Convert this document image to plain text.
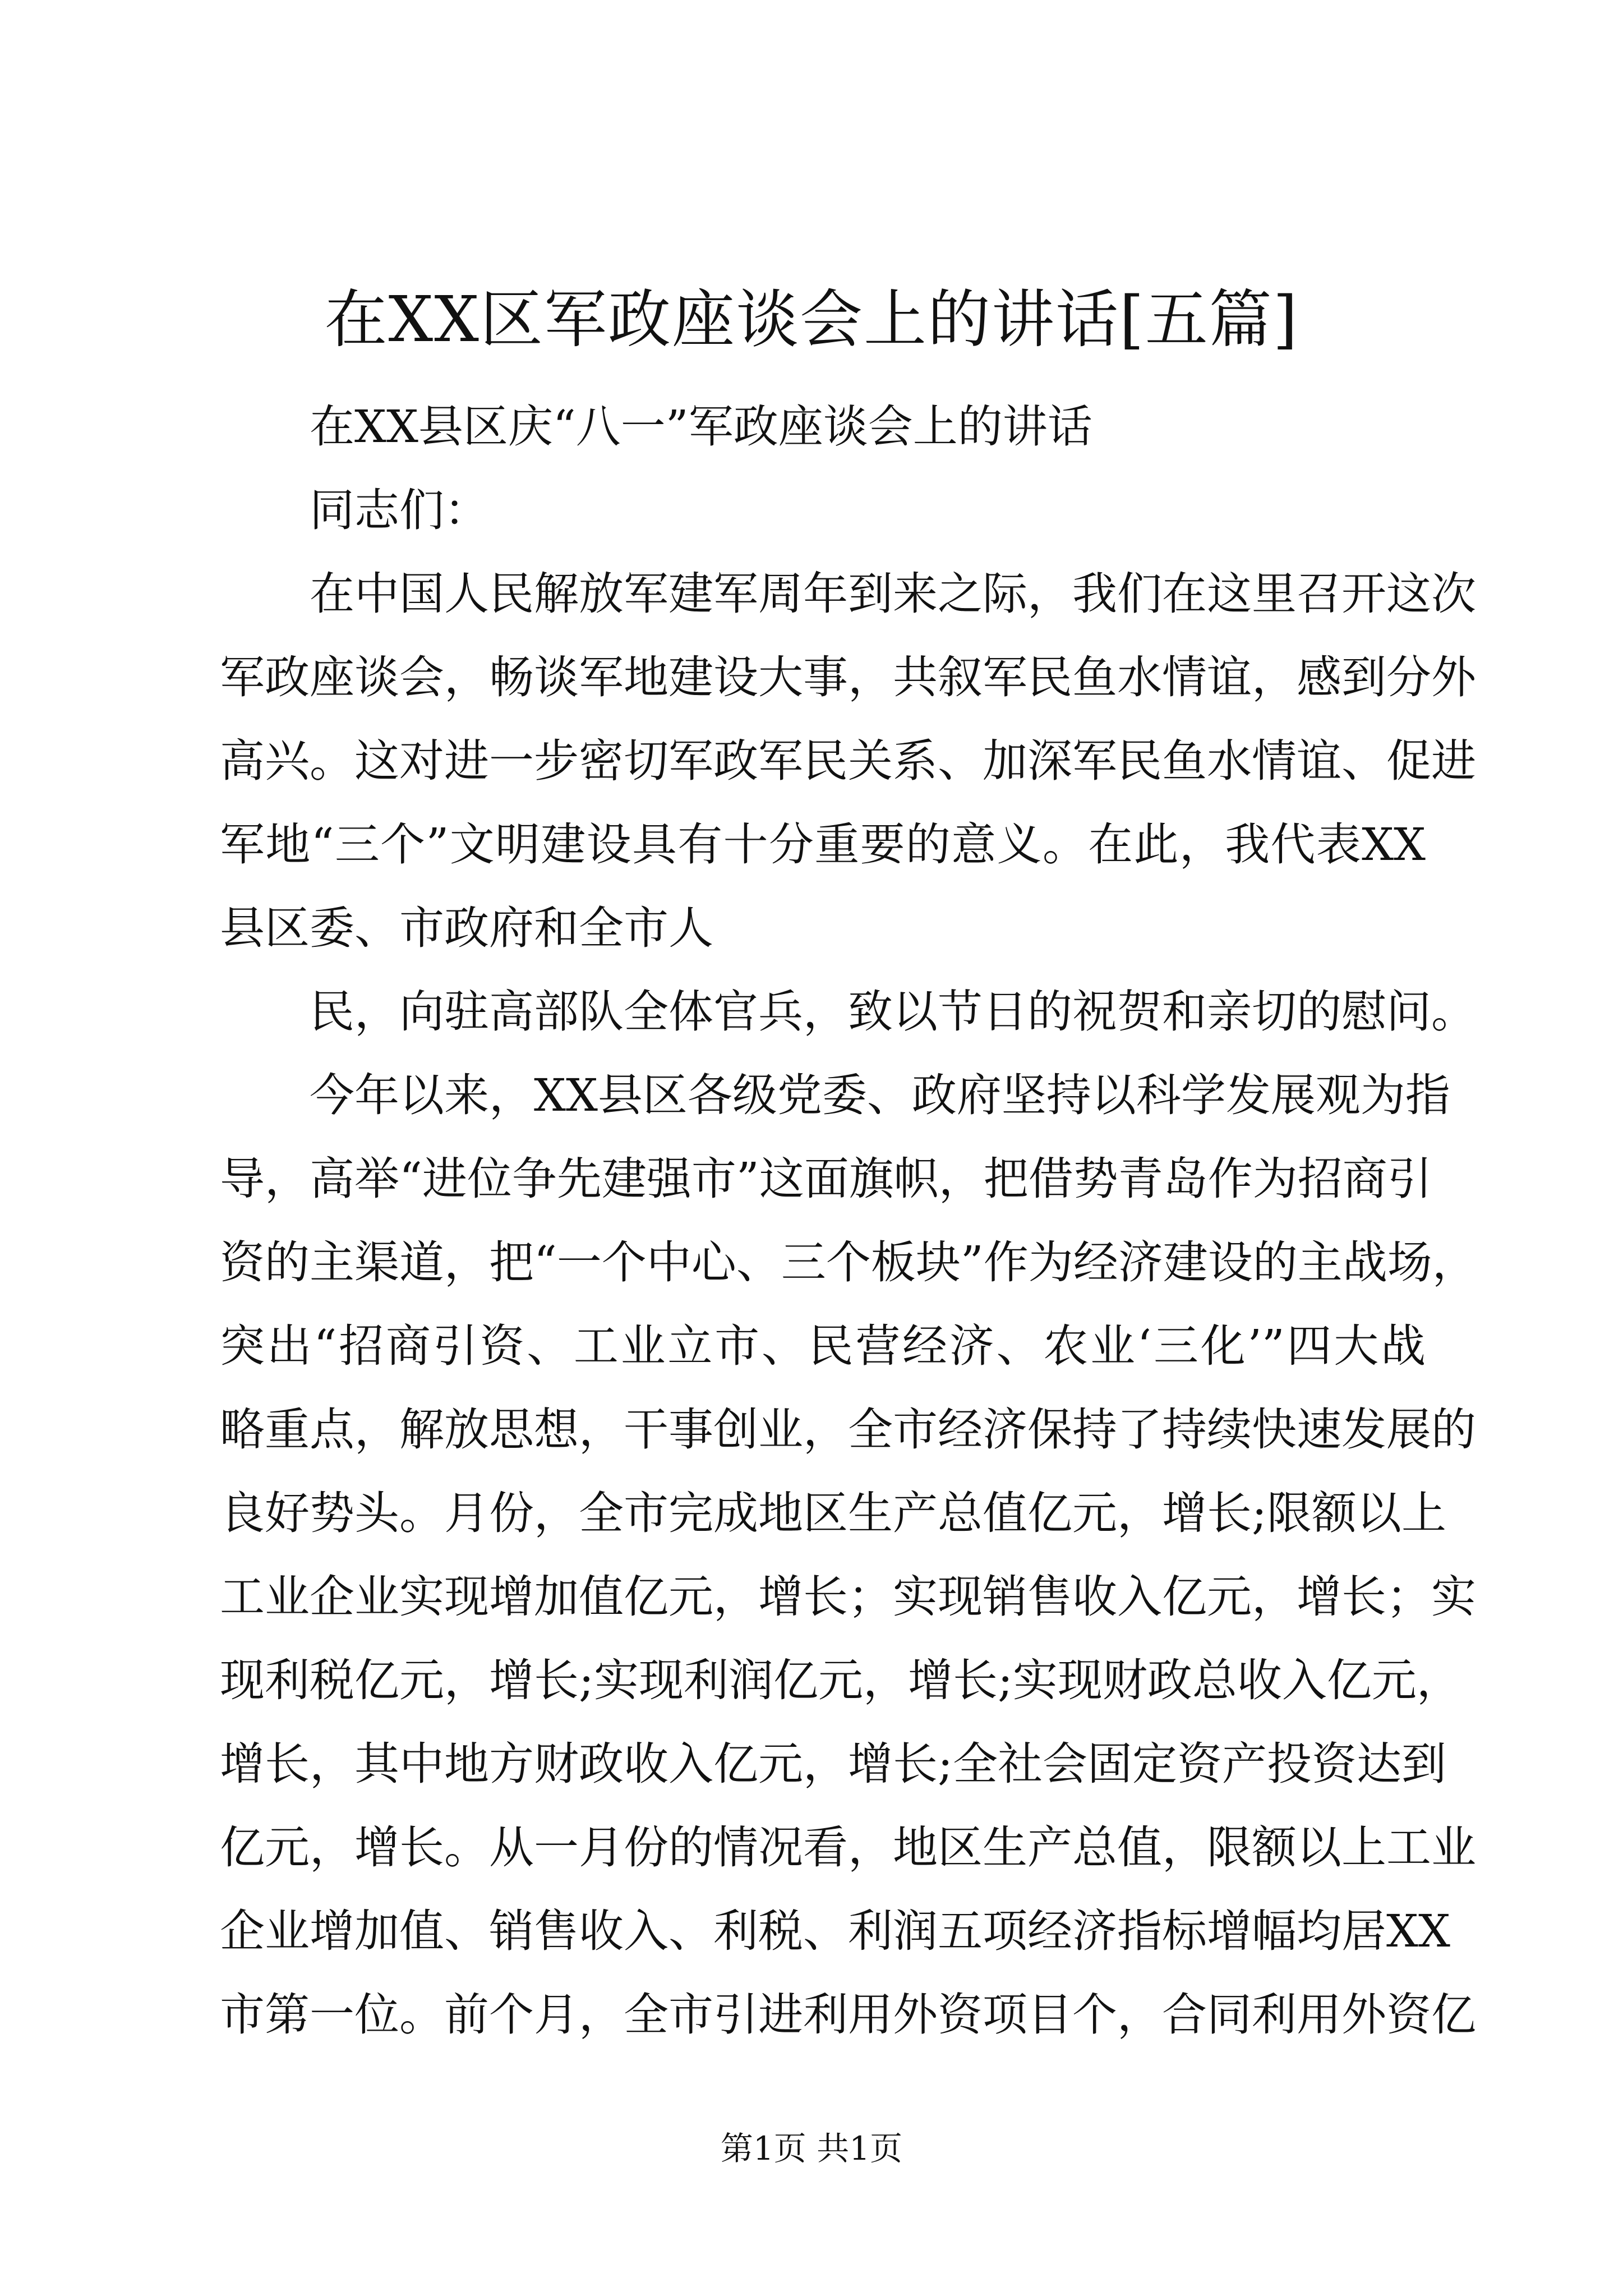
在XX区军政座谈会上的讲话[五篇]
在XX县区庆“八一”军政座谈会上的讲话
同志们：
在中国人民解放军建军周年到来之际，我们在这里召开这次
军政座谈会，畅谈军地建设大事，共叙军民鱼水情谊，感到分外
高兴。这对进一步密切军政军民关系、加深军民鱼水情谊、促进
军地“三个”文明建设具有十分重要的意义。在此，我代表XX
县区委、市政府和全市人
民，向驻高部队全体官兵，致以节日的祝贺和亲切的慰问。
今年以来，XX县区各级党委、政府坚持以科学发展观为指
导，高举“进位争先建强市”这面旗帜，把借势青岛作为招商引
资的主渠道，把“一个中心、三个板块”作为经济建设的主战场，
突出“招商引资、工业立市、民营经济、农业‘三化’”四大战
略重点，解放思想，干事创业，全市经济保持了持续快速发展的
良好势头。月份，全市完成地区生产总值亿元，增长;限额以上
工业企业实现增加值亿元，增长；实现销售收入亿元，增长；实
现利税亿元，增长;实现利润亿元，增长;实现财政总收入亿元，
增长，其中地方财政收入亿元，增长;全社会固定资产投资达到
亿元，增长。从一月份的情况看，地区生产总值，限额以上工业
企业增加值、销售收入、利税、利润五项经济指标增幅均居XX
市第一位。前个月，全市引进利用外资项目个，合同利用外资亿
第1页 共1页
